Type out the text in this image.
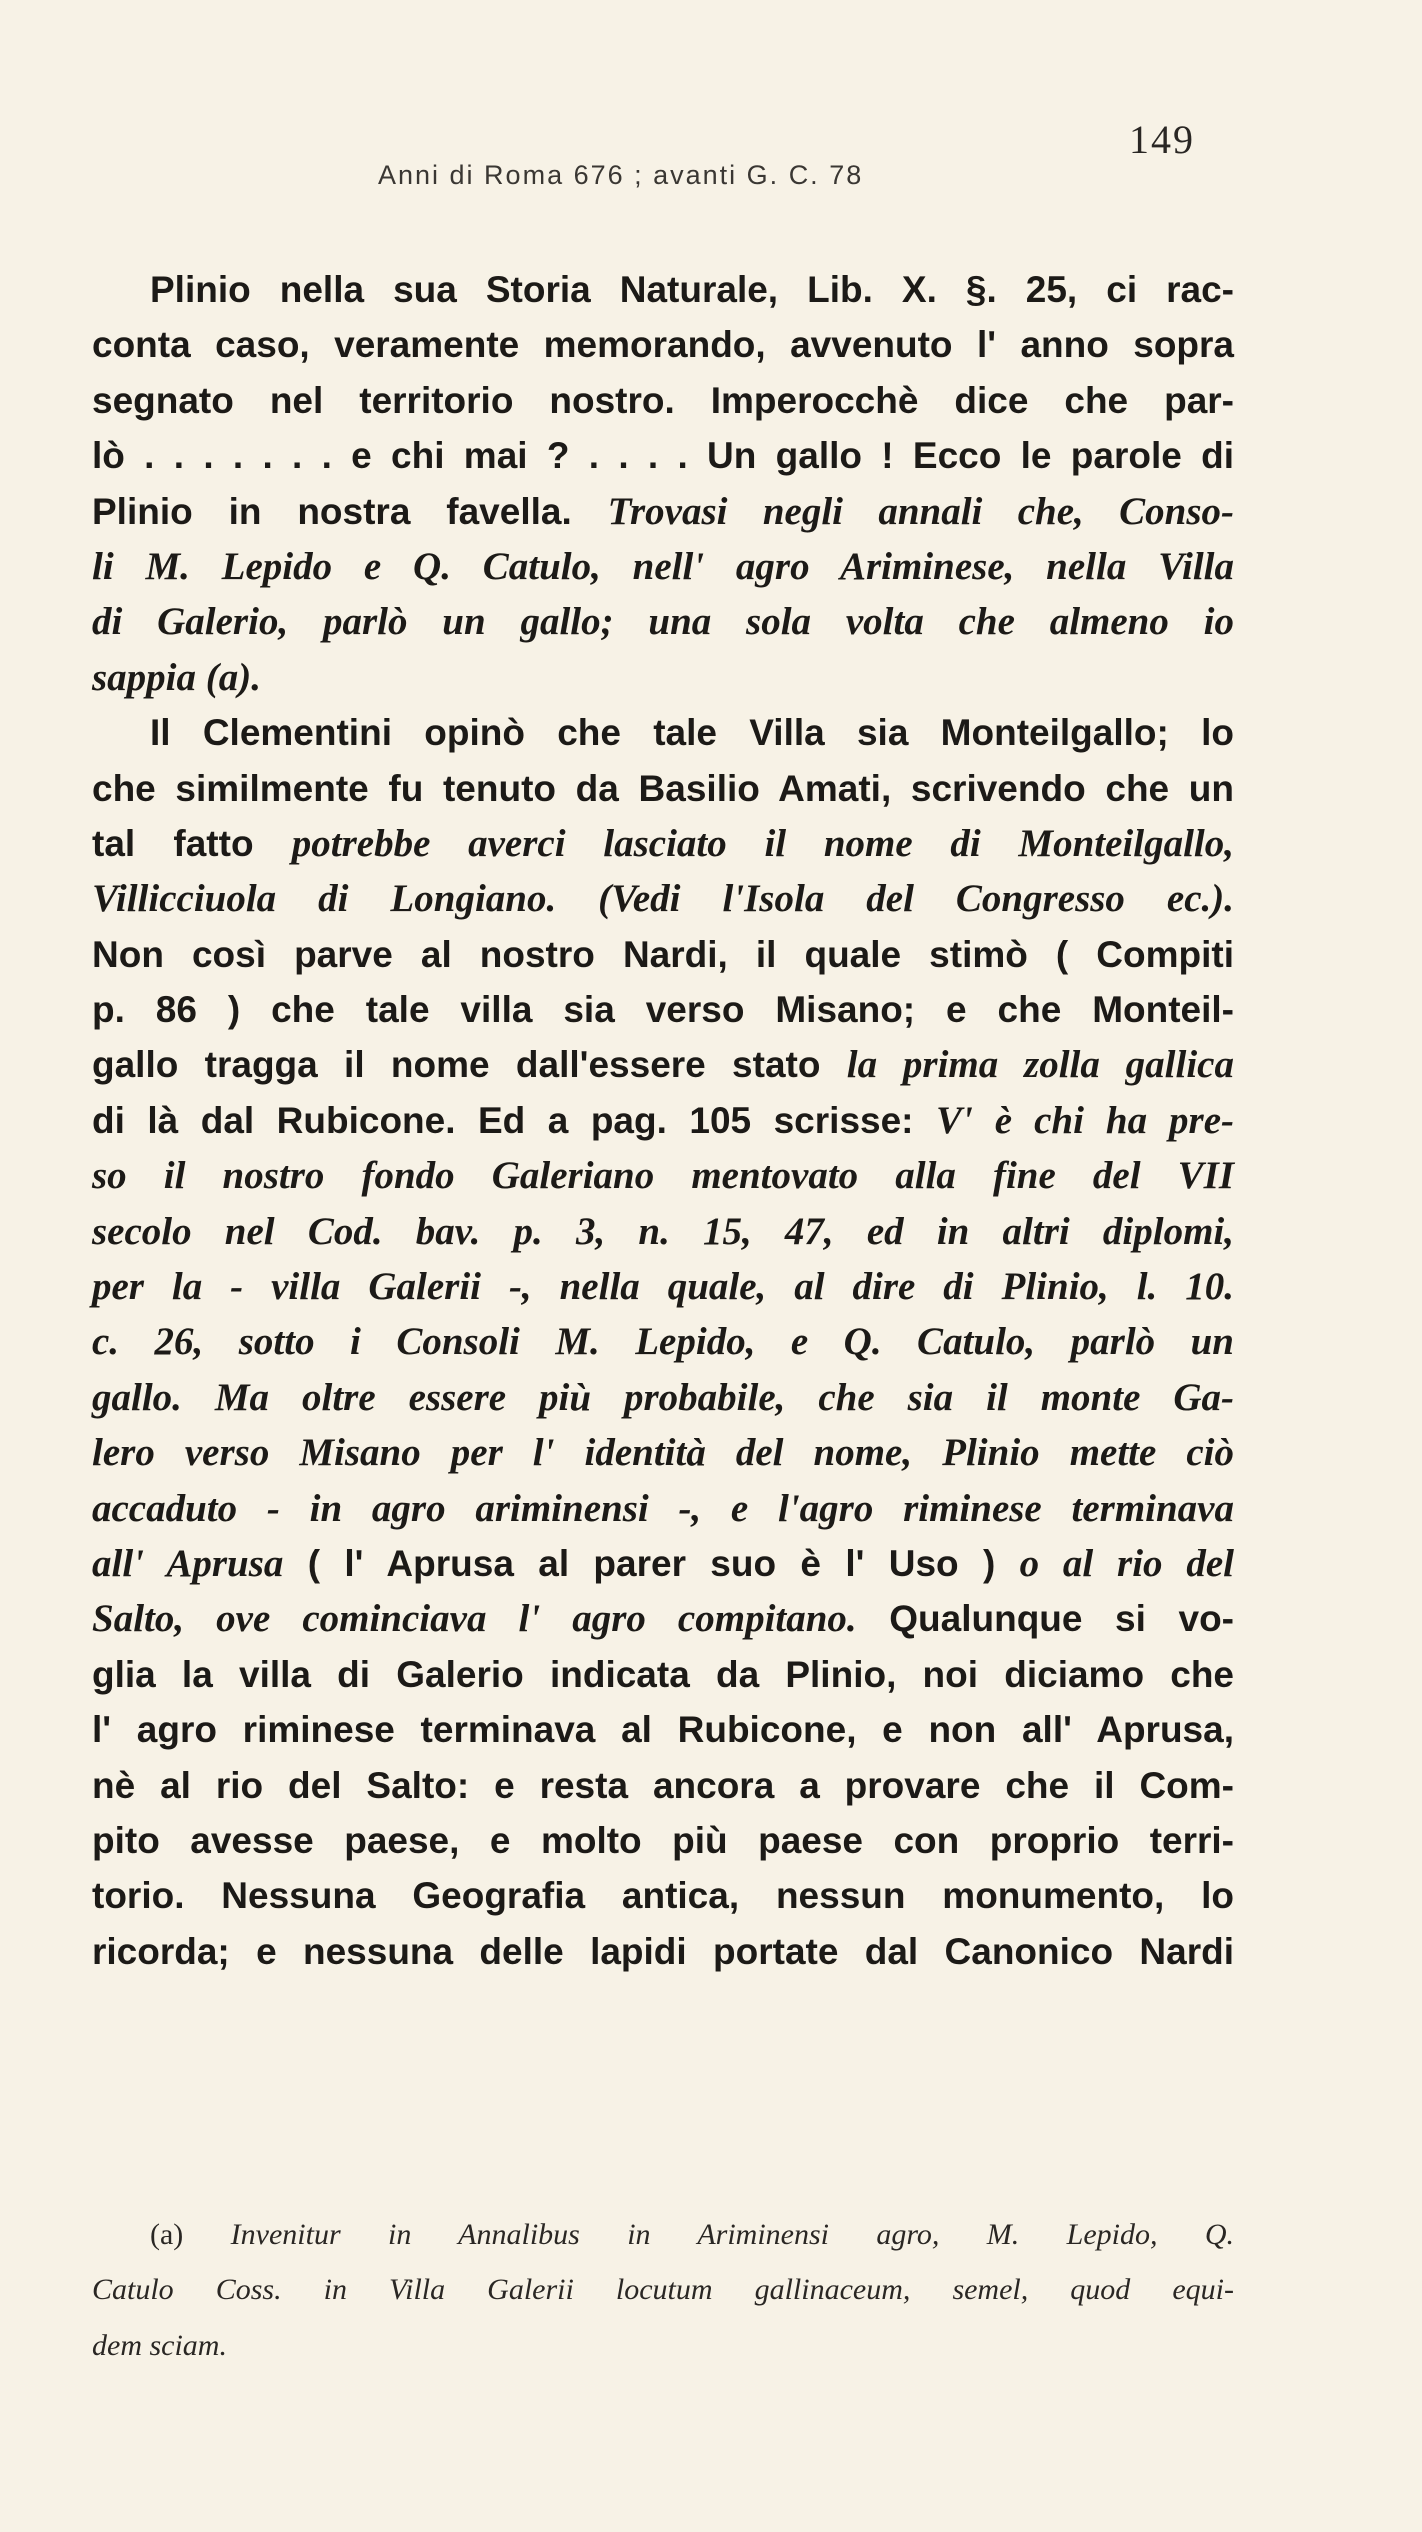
149
Anni di Roma 676 ; avanti G. C. 78
Plinio nella sua Storia Naturale, Lib. X. §. 25, ci rac-
conta caso, veramente memorando, avvenuto l' anno sopra
segnato nel territorio nostro. Imperocchè dice che par-
lò . . . . . . . e chi mai ? . . . . Un gallo ! Ecco le parole di
Plinio in nostra favella. Trovasi negli annali che, Conso-
li M. Lepido e Q. Catulo, nell' agro Ariminese, nella Villa
di Galerio, parlò un gallo; una sola volta che almeno io
sappia (a).
Il Clementini opinò che tale Villa sia Monteilgallo; lo
che similmente fu tenuto da Basilio Amati, scrivendo che un
tal fatto potrebbe averci lasciato il nome di Monteilgallo,
Villicciuola di Longiano. (Vedi l'Isola del Congresso ec.).
Non così parve al nostro Nardi, il quale stimò ( Compiti
p. 86 ) che tale villa sia verso Misano; e che Monteil-
gallo tragga il nome dall'essere stato la prima zolla gallica
di là dal Rubicone. Ed a pag. 105 scrisse: V' è chi ha pre-
so il nostro fondo Galeriano mentovato alla fine del VII
secolo nel Cod. bav. p. 3, n. 15, 47, ed in altri diplomi,
per la - villa Galerii -, nella quale, al dire di Plinio, l. 10.
c. 26, sotto i Consoli M. Lepido, e Q. Catulo, parlò un
gallo. Ma oltre essere più probabile, che sia il monte Ga-
lero verso Misano per l' identità del nome, Plinio mette ciò
accaduto - in agro ariminensi -, e l'agro riminese terminava
all' Aprusa ( l' Aprusa al parer suo è l' Uso ) o al rio del
Salto, ove cominciava l' agro compitano. Qualunque si vo-
glia la villa di Galerio indicata da Plinio, noi diciamo che
l' agro riminese terminava al Rubicone, e non all' Aprusa,
nè al rio del Salto: e resta ancora a provare che il Com-
pito avesse paese, e molto più paese con proprio terri-
torio. Nessuna Geografia antica, nessun monumento, lo
ricorda; e nessuna delle lapidi portate dal Canonico Nardi
(a) Invenitur in Annalibus in Ariminensi agro, M. Lepido, Q.
Catulo Coss. in Villa Galerii locutum gallinaceum, semel, quod equi-
dem sciam.
